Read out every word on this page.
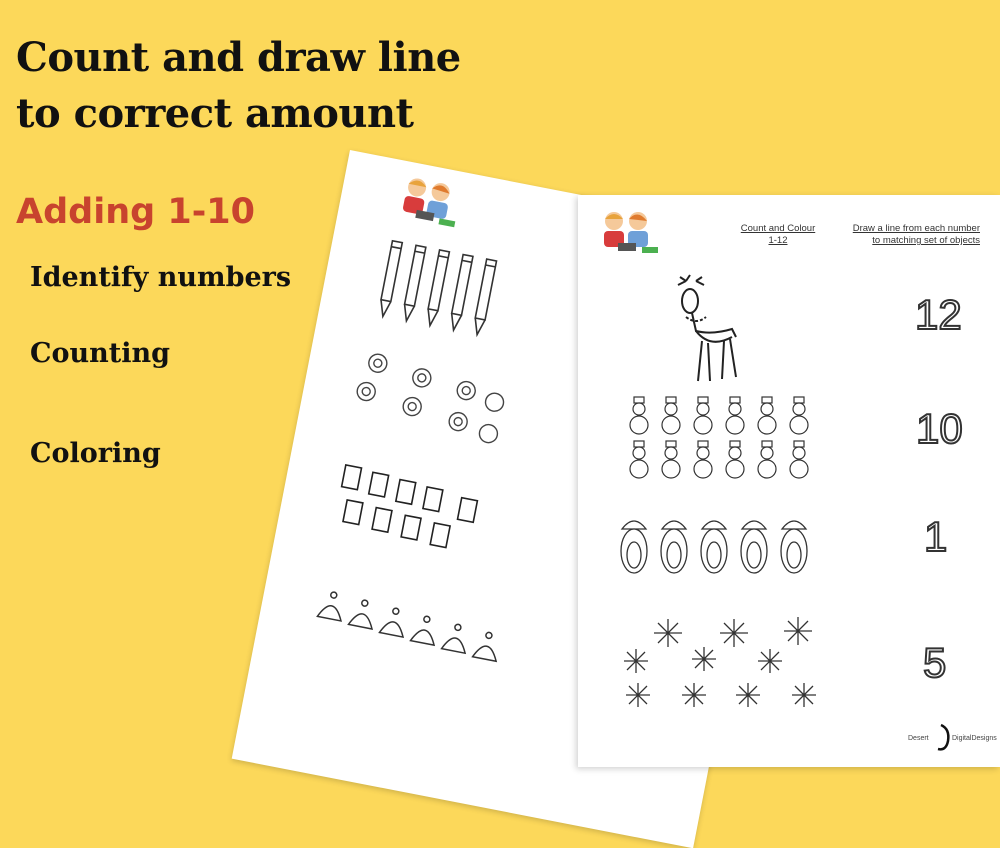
Count and draw line
to correct amount
Adding 1-10
Identify numbers
Counting
Coloring
Count and Colour
1-12
Draw a line from each number
to matching set of objects
12
10
1
5
Desert	DigitalDesigns
